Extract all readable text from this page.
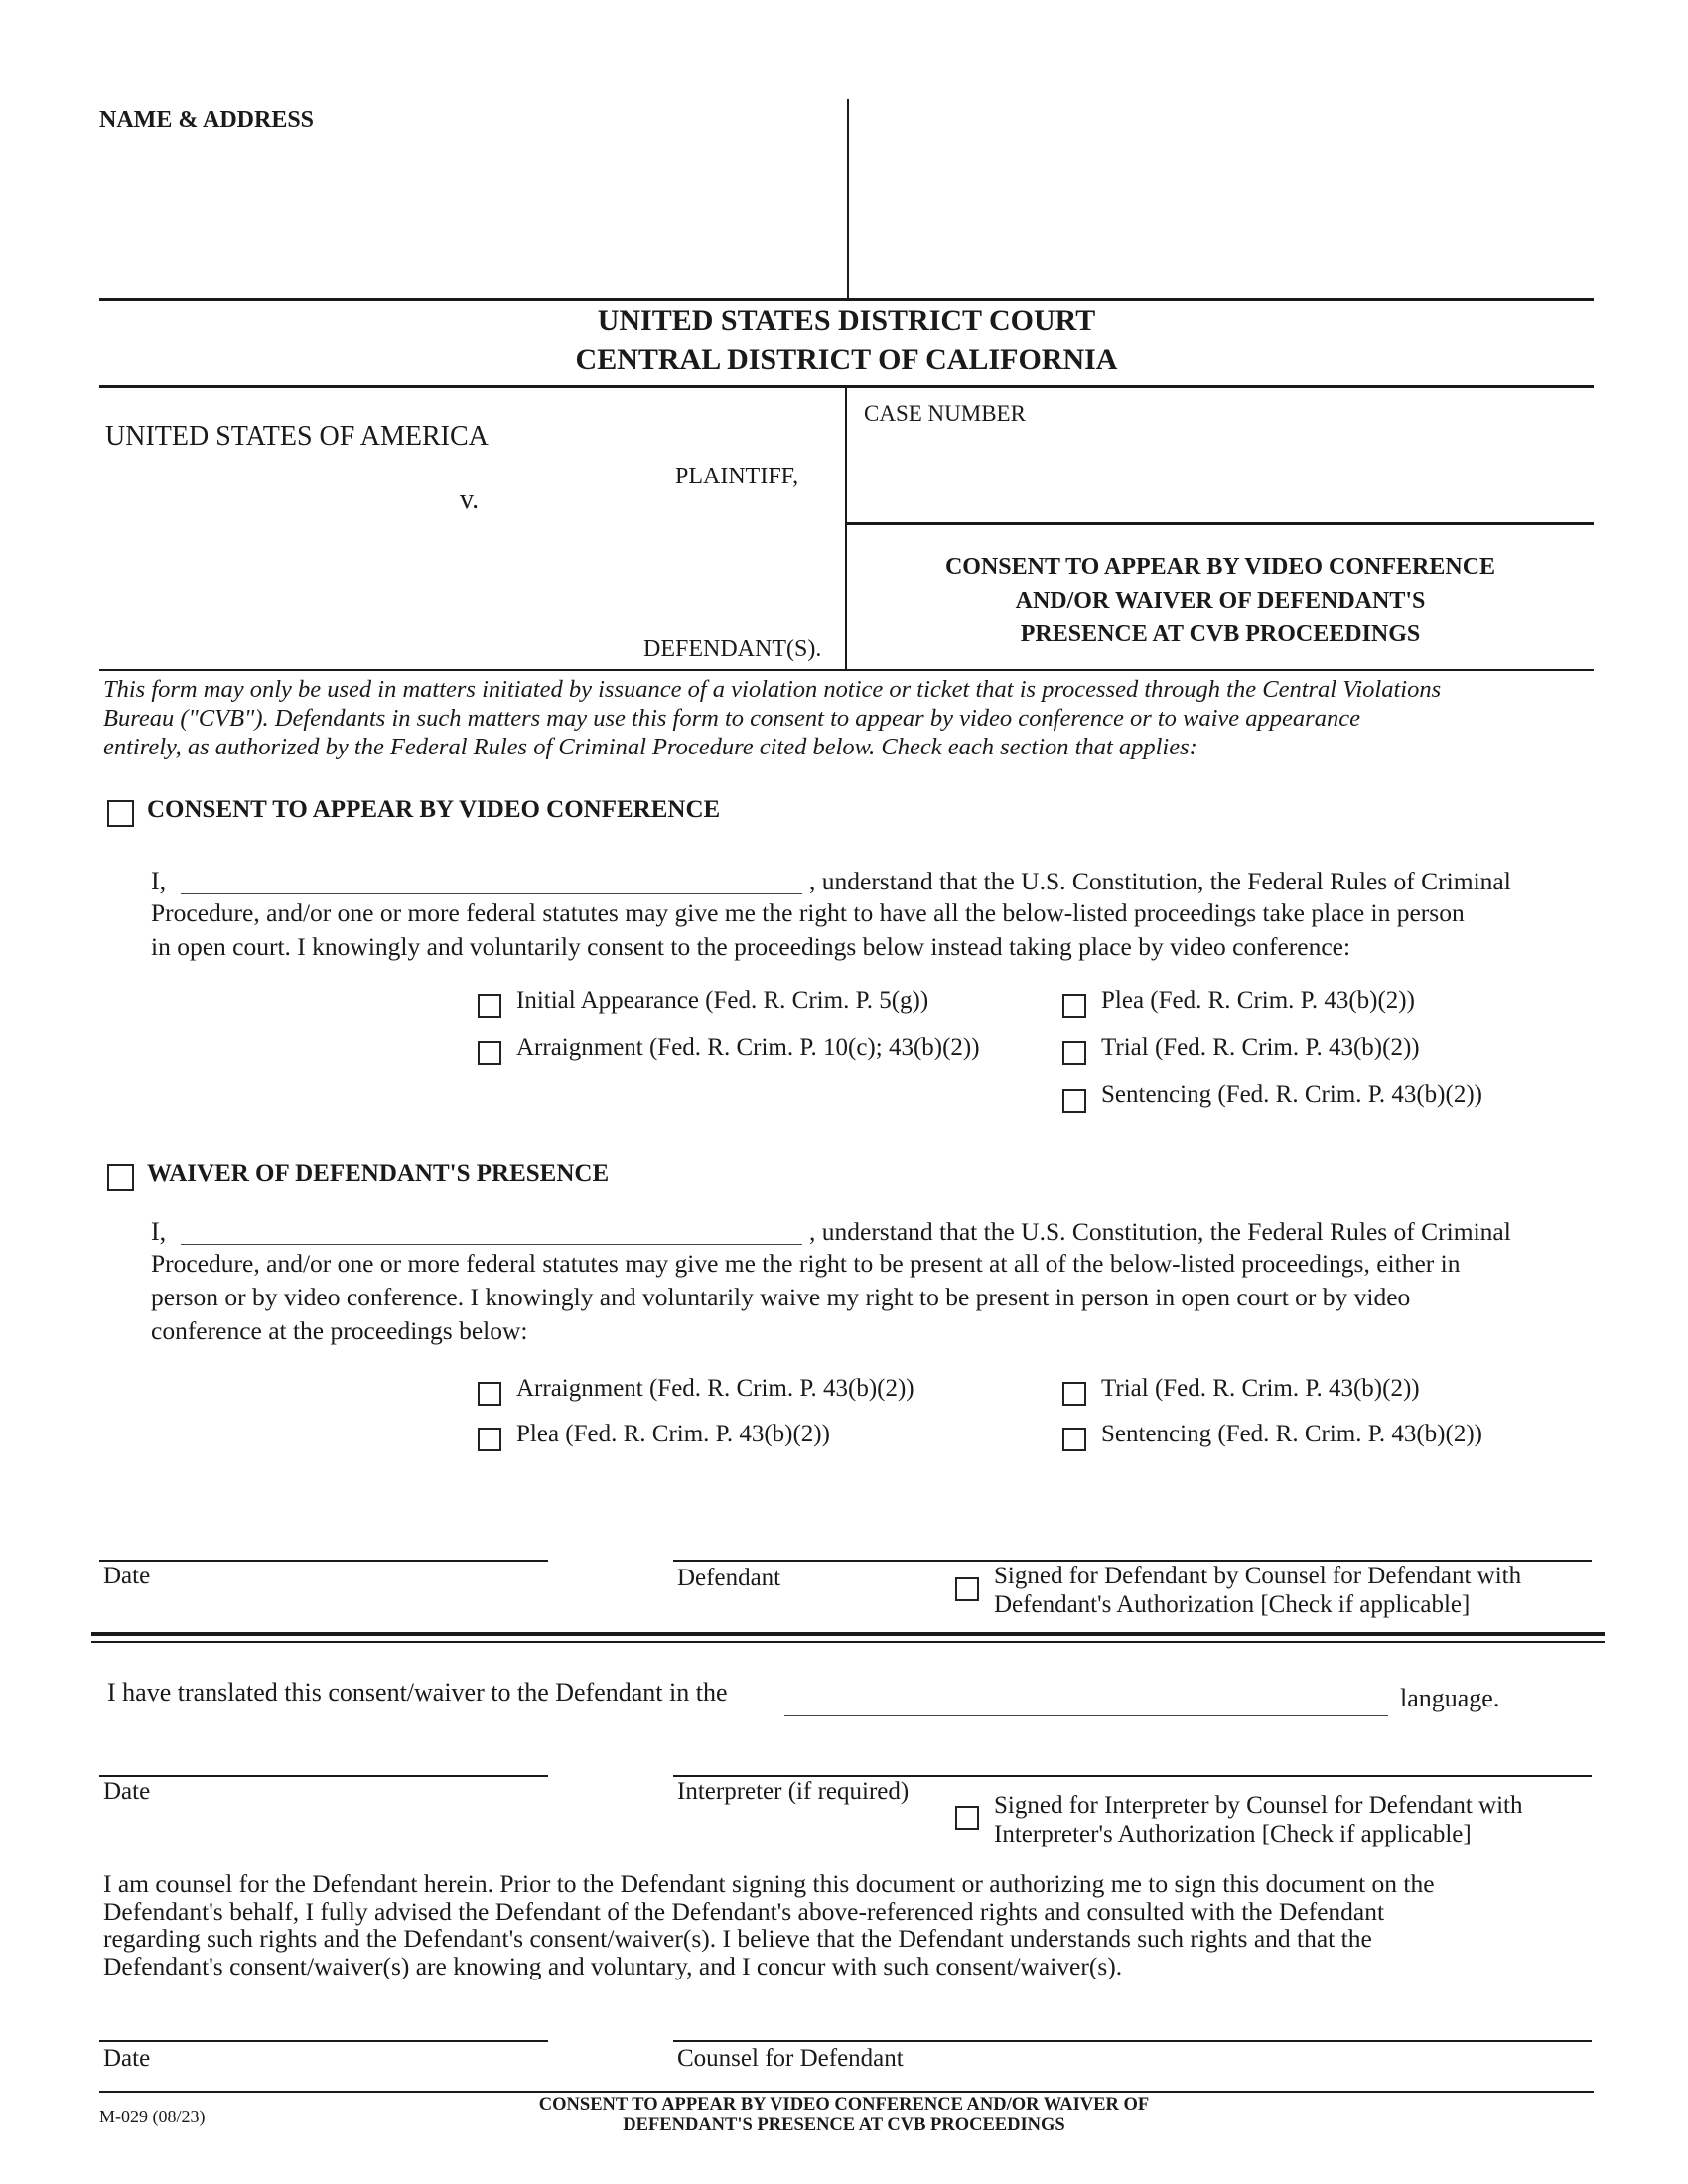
NAME & ADDRESS
UNITED STATES DISTRICT COURT
CENTRAL DISTRICT OF CALIFORNIA
UNITED STATES OF AMERICA
PLAINTIFF,
v.
DEFENDANT(S).
CASE NUMBER
CONSENT TO APPEAR BY VIDEO CONFERENCE
AND/OR WAIVER OF DEFENDANT'S
PRESENCE AT CVB PROCEEDINGS
This form may only be used in matters initiated by issuance of a violation notice or ticket that is processed through the Central Violations
Bureau ("CVB"). Defendants in such matters may use this form to consent to appear by video conference or to waive appearance
entirely, as authorized by the Federal Rules of Criminal Procedure cited below. Check each section that applies:
CONSENT TO APPEAR BY VIDEO CONFERENCE
I,	, understand that the U.S. Constitution, the Federal Rules of Criminal
Procedure, and/or one or more federal statutes may give me the right to have all the below-listed proceedings take place in person
in open court. I knowingly and voluntarily consent to the proceedings below instead taking place by video conference:
Initial Appearance (Fed. R. Crim. P. 5(g))
Arraignment (Fed. R. Crim. P. 10(c); 43(b)(2))
Plea (Fed. R. Crim. P. 43(b)(2))
Trial (Fed. R. Crim. P. 43(b)(2))
Sentencing (Fed. R. Crim. P. 43(b)(2))
WAIVER OF DEFENDANT'S PRESENCE
I,	, understand that the U.S. Constitution, the Federal Rules of Criminal
Procedure, and/or one or more federal statutes may give me the right to be present at all of the below-listed proceedings, either in
person or by video conference. I knowingly and voluntarily waive my right to be present in person in open court or by video
conference at the proceedings below:
Arraignment (Fed. R. Crim. P. 43(b)(2))
Plea (Fed. R. Crim. P. 43(b)(2))
Trial (Fed. R. Crim. P. 43(b)(2))
Sentencing (Fed. R. Crim. P. 43(b)(2))
Date	Defendant	Signed for Defendant by Counsel for Defendant with
Defendant's Authorization [Check if applicable]
I have translated this consent/waiver to the Defendant in the	language.
Date	Interpreter (if required)
Signed for Interpreter by Counsel for Defendant with
Interpreter's Authorization [Check if applicable]
I am counsel for the Defendant herein. Prior to the Defendant signing this document or authorizing me to sign this document on the
Defendant's behalf, I fully advised the Defendant of the Defendant's above-referenced rights and consulted with the Defendant
regarding such rights and the Defendant's consent/waiver(s). I believe that the Defendant understands such rights and that the
Defendant's consent/waiver(s) are knowing and voluntary, and I concur with such consent/waiver(s).
Date	Counsel for Defendant
M-029 (08/23)
CONSENT TO APPEAR BY VIDEO CONFERENCE AND/OR WAIVER OF
DEFENDANT'S PRESENCE AT CVB PROCEEDINGS
